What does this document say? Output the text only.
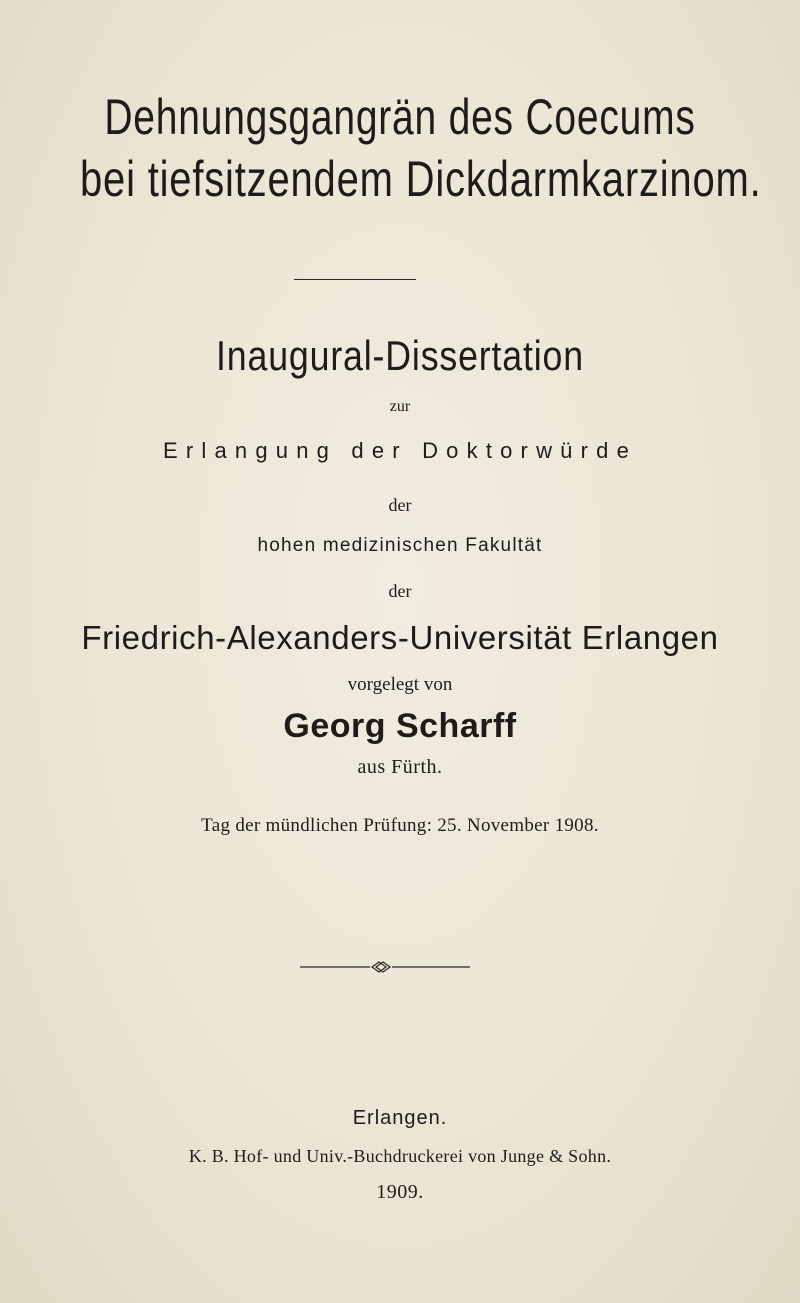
Dehnungsgangrän des Coecums
bei tiefsitzendem Dickdarmkarzinom.
Inaugural-Dissertation
zur
Erlangung der Doktorwürde
der
hohen medizinischen Fakultät
der
Friedrich-Alexanders-Universität Erlangen
vorgelegt von
Georg Scharff
aus Fürth.
Tag der mündlichen Prüfung: 25. November 1908.
Erlangen.
K. B. Hof- und Univ.-Buchdruckerei von Junge & Sohn.
1909.
